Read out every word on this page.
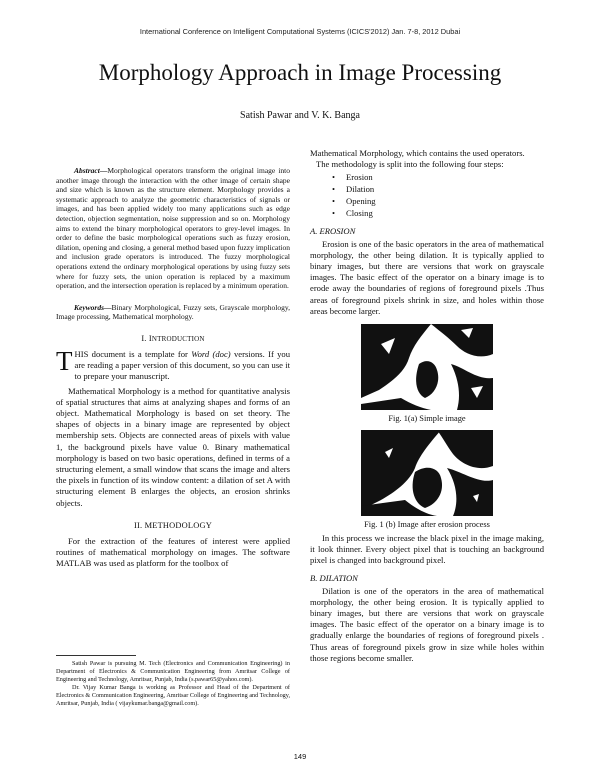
International Conference on Intelligent Computational Systems (ICICS'2012) Jan. 7-8, 2012 Dubai
Morphology Approach in Image Processing
Satish Pawar and V. K. Banga

Abstract—Morphological operators transform the original image into another image through the interaction with the other image of certain shape and size which is known as the structure element. Morphology provides a systematic approach to analyze the geometric characteristics of signals or images, and has been applied widely too many applications such as edge detection, objection segmentation, noise suppression and so on. Morphology aims to extend the binary morphological operators to grey-level images. In order to define the basic morphological operations such as fuzzy erosion, dilation, opening and closing, a general method based upon fuzzy implication and inclusion grade operators is introduced. The fuzzy morphological operations extend the ordinary morphological operations by using fuzzy sets where for fuzzy sets, the union operation is replaced by a maximum operation, and the intersection operation is replaced by a minimum operation.

Keywords—Binary Morphological, Fuzzy sets, Grayscale morphology, Image processing, Mathematical morphology.

I. INTRODUCTION

THIS document is a template for Word (doc) versions. If you are reading a paper version of this document, so you can use it to prepare your manuscript.

Mathematical Morphology is a method for quantitative analysis of spatial structures that aims at analyzing shapes and forms of an object. Mathematical Morphology is based on set theory. The shapes of objects in a binary image are represented by object membership sets. Objects are connected areas of pixels with value 1, the background pixels have value 0. Binary mathematical morphology is based on two basic operations, defined in terms of a structuring element, a small window that scans the image and alters the pixels in function of its window content: a dilation of set A with structuring element B enlarges the objects, an erosion shrinks objects.

II. METHODOLOGY

For the extraction of the features of interest were applied routines of mathematical morphology on images. The software MATLAB was used as platform for the toolbox of

Satish Pawar is pursuing M. Tech (Electronics and Communication Engineering) in Department of Electronics & Communication Engineering from Amritsar College of Engineering and Technology, Amritsar, Punjab, India (s.pawar65@yahoo.com).

Dr. Vijay Kumar Banga is working as Professor and Head of the Department of Electronics & Communication Engineering, Amritsar College of Engineering and Technology, Amritsar, Punjab, India ( vijaykumar.banga@gmail.com).

Mathematical Morphology, which contains the used operators.

The methodology is split into the following four steps:

• Erosion
• Dilation
• Opening
• Closing
A. EROSION

Erosion is one of the basic operators in the area of mathematical morphology, the other being dilation. It is typically applied to binary images, but there are versions that work on grayscale images. The basic effect of the operator on a binary image is to erode away the boundaries of regions of foreground pixels .Thus areas of foreground pixels shrink in size, and holes within those areas become larger.

Fig. 1(a) Simple image
Fig. 1 (b) Image after erosion process

In this process we increase the black pixel in the image making, it look thinner. Every object pixel that is touching an background pixel is changed into background pixel.

B. DILATION

Dilation is one of the operators in the area of mathematical morphology, the other being erosion. It is typically applied to binary images, but there are versions that work on grayscale images. The basic effect of the operator on a binary image is to gradually enlarge the boundaries of regions of foreground pixels . Thus areas of foreground pixels grow in size while holes within those regions become smaller.

149
